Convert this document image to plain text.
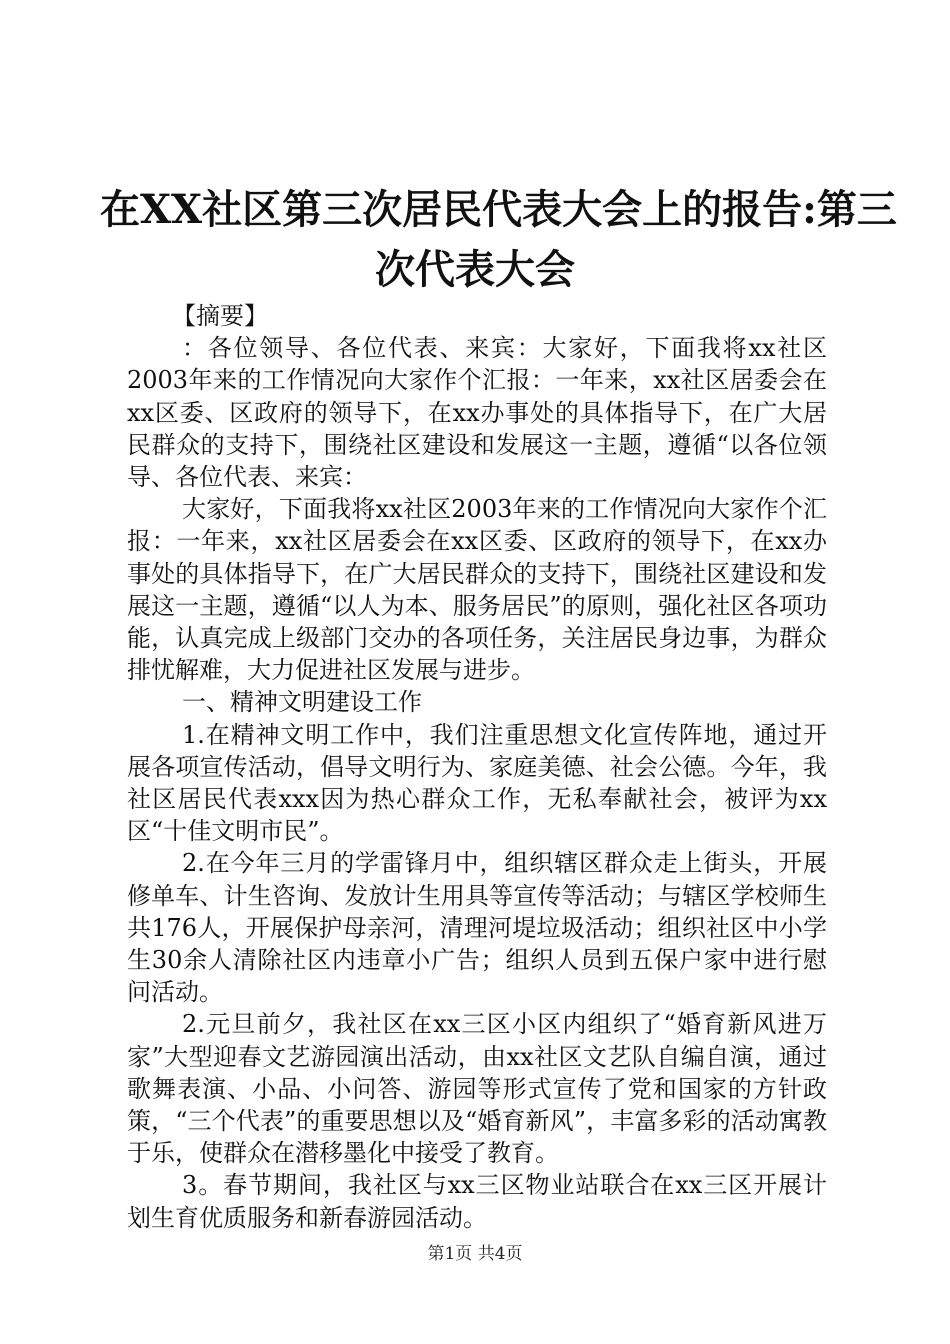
在XX社区第三次居民代表大会上的报告:第三
次代表大会

【摘要】

：各位领导、各位代表、来宾：大家好，下面我将xx社区2003年来的工作情况向大家作个汇报：一年来，xx社区居委会在xx区委、区政府的领导下，在xx办事处的具体指导下，在广大居民群众的支持下，围绕社区建设和发展这一主题，遵循“以各位领导、各位代表、来宾：

大家好，下面我将xx社区2003年来的工作情况向大家作个汇报：一年来，xx社区居委会在xx区委、区政府的领导下，在xx办事处的具体指导下，在广大居民群众的支持下，围绕社区建设和发展这一主题，遵循“以人为本、服务居民”的原则，强化社区各项功能，认真完成上级部门交办的各项任务，关注居民身边事，为群众排忧解难，大力促进社区发展与进步。

一、精神文明建设工作

1.在精神文明工作中，我们注重思想文化宣传阵地，通过开展各项宣传活动，倡导文明行为、家庭美德、社会公德。今年，我社区居民代表xxx因为热心群众工作，无私奉献社会，被评为xx区“十佳文明市民”。

2.在今年三月的学雷锋月中，组织辖区群众走上街头，开展修单车、计生咨询、发放计生用具等宣传等活动；与辖区学校师生共176人，开展保护母亲河，清理河堤垃圾活动；组织社区中小学生30余人清除社区内违章小广告；组织人员到五保户家中进行慰问活动。

2.元旦前夕，我社区在xx三区小区内组织了“婚育新风进万家”大型迎春文艺游园演出活动，由xx社区文艺队自编自演，通过歌舞表演、小品、小问答、游园等形式宣传了党和国家的方针政策，“三个代表”的重要思想以及“婚育新风”，丰富多彩的活动寓教于乐，使群众在潜移墨化中接受了教育。

3。春节期间，我社区与xx三区物业站联合在xx三区开展计划生育优质服务和新春游园活动。

第1页 共4页
